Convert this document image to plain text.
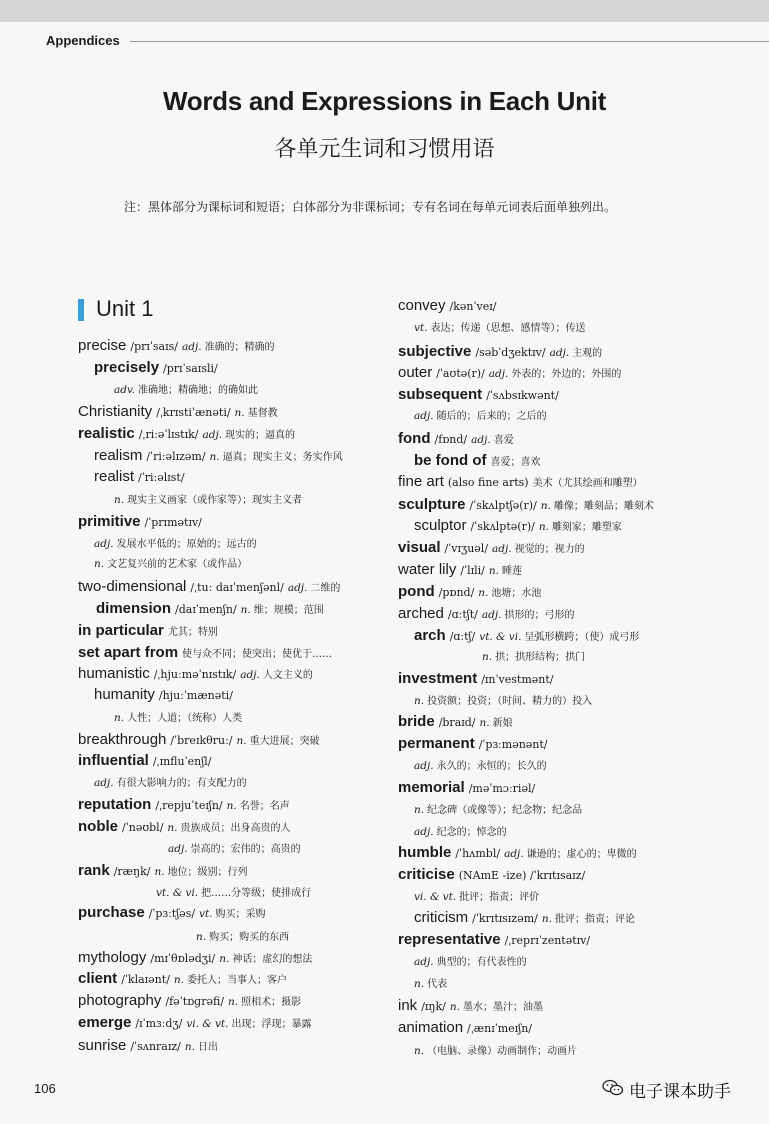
Appendices
Words and Expressions in Each Unit
各单元生词和习惯用语
注：黑体部分为课标词和短语；白体部分为非课标词；专有名词在每单元词表后面单独列出。
Unit 1
precise /prɪˈsaɪs/ adj. 准确的；精确的
precisely /prɪˈsaɪsli/
adv. 准确地；精确地；的确如此
Christianity /ˌkrɪstiˈænəti/ n. 基督教
realistic /ˌriːəˈlɪstɪk/ adj. 现实的；逼真的
realism /ˈriːəlɪzəm/ n. 逼真；现实主义；务实作风
realist /ˈriːəlɪst/
n. 现实主义画家（或作家等）；现实主义者
primitive /ˈprɪmətɪv/
adj. 发展水平低的；原始的；远古的
n. 文艺复兴前的艺术家（或作品）
two-dimensional /ˌtuː daɪˈmenʃənl/ adj. 二维的
dimension /daɪˈmenʃn/ n. 维；规模；范围
in particular 尤其；特别
set apart from 使与众不同；使突出；使优于……
humanistic /ˌhjuːməˈnɪstɪk/ adj. 人文主义的
humanity /hjuːˈmænəti/
n. 人性；人道；（统称）人类
breakthrough /ˈbreɪkθruː/ n. 重大进展；突破
influential /ˌɪnfluˈenʃl/
adj. 有很大影响力的；有支配力的
reputation /ˌrepjuˈteɪʃn/ n. 名誉；名声
noble /ˈnəʊbl/ n. 贵族成员；出身高贵的人
adj. 崇高的；宏伟的；高贵的
rank /ræŋk/ n. 地位；级别；行列
vt. & vi. 把……分等级；使排成行
purchase /ˈpɜːtʃəs/ vt. 购买；采购
n. 购买；购买的东西
mythology /mɪˈθɒlədʒi/ n. 神话；虚幻的想法
client /ˈklaɪənt/ n. 委托人；当事人；客户
photography /fəˈtɒɡrəfi/ n. 照相术；摄影
emerge /ɪˈmɜːdʒ/ vi. & vt. 出现；浮现；暴露
sunrise /ˈsʌnraɪz/ n. 日出
convey /kənˈveɪ/
vt. 表达；传递（思想、感情等）；传送
subjective /səbˈdʒektɪv/ adj. 主观的
outer /ˈaʊtə(r)/ adj. 外表的；外边的；外围的
subsequent /ˈsʌbsɪkwənt/
adj. 随后的；后来的；之后的
fond /fɒnd/ adj. 喜爱
be fond of 喜爱；喜欢
fine art (also fine arts) 美术（尤其绘画和雕塑）
sculpture /ˈskʌlptʃə(r)/ n. 雕像；雕刻品；雕刻术
sculptor /ˈskʌlptə(r)/ n. 雕刻家；雕塑家
visual /ˈvɪʒuəl/ adj. 视觉的；视力的
water lily /ˈlɪli/ n. 睡莲
pond /pɒnd/ n. 池塘；水池
arched /ɑːtʃt/ adj. 拱形的；弓形的
arch /ɑːtʃ/ vt. & vi. 呈弧形横跨；（使）成弓形
n. 拱；拱形结构；拱门
investment /ɪnˈvestmənt/
n. 投资额；投资；（时间、精力的）投入
bride /braɪd/ n. 新娘
permanent /ˈpɜːmənənt/
adj. 永久的；永恒的；长久的
memorial /məˈmɔːriəl/
n. 纪念碑（或像等）；纪念物；纪念品
adj. 纪念的；悼念的
humble /ˈhʌmbl/ adj. 谦逊的；虚心的；卑微的
criticise (NAmE -ize) /ˈkrɪtɪsaɪz/
vi. & vt. 批评；指责；评价
criticism /ˈkrɪtɪsɪzəm/ n. 批评；指责；评论
representative /ˌreprɪˈzentətɪv/
adj. 典型的；有代表性的
n. 代表
ink /ɪŋk/ n. 墨水；墨汁；油墨
animation /ˌænɪˈmeɪʃn/
n. （电脑、录像）动画制作；动画片
106	电子课本助手
